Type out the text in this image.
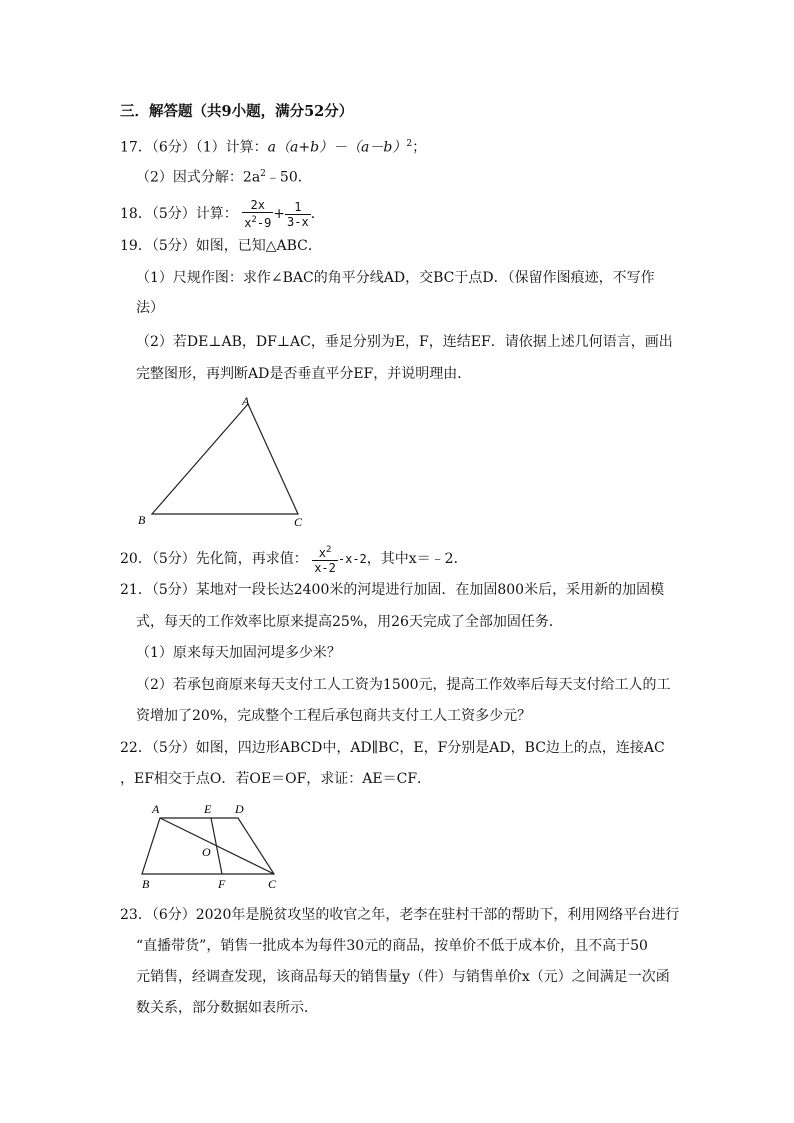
三．解答题（共9小题，满分52分）
17．（6分）（1）计算：$a(a+b)-(a-b)^2$；
（2）因式分解：$2a^2﹣50$．
18．（5分）计算： $\frac{2x}{x^2-9} + \frac{1}{3-x}$ ．
19．（5分）如图，已知△ABC．
（1）尺规作图：求作∠BAC的角平分线AD，交BC于点D．（保留作图痕迹，不写作
法）
（2）若DE⊥AB，DF⊥AC，垂足分别为E，F，连结EF．请依据上述几何语言，画出
完整图形，再判断AD是否垂直平分EF，并说明理由．
A
B	C
20．（5分）先化简，再求值： $\frac{x^2}{x-2} -x-2$，其中x＝﹣2．
21．（5分）某地对一段长达2400米的河堤进行加固．在加固800米后，采用新的加固模
式，每天的工作效率比原来提高25%，用26天完成了全部加固任务．
（1）原来每天加固河堤多少米？
（2）若承包商原来每天支付工人工资为1500元，提高工作效率后每天支付给工人的工
资增加了20%，完成整个工程后承包商共支付工人工资多少元？
22．（5分）如图，四边形ABCD中，AD∥BC，E，F分别是AD，BC边上的点，连接AC
，EF相交于点O．若OE＝OF，求证：AE＝CF．
A	E D
O
B	F	C
23．（6分）2020年是脱贫攻坚的收官之年，老李在驻村干部的帮助下，利用网络平台进行
“直播带货”，销售一批成本为每件30元的商品，按单价不低于成本价，且不高于50
元销售，经调查发现，该商品每天的销售量y（件）与销售单价x（元）之间满足一次函
数关系，部分数据如表所示．
